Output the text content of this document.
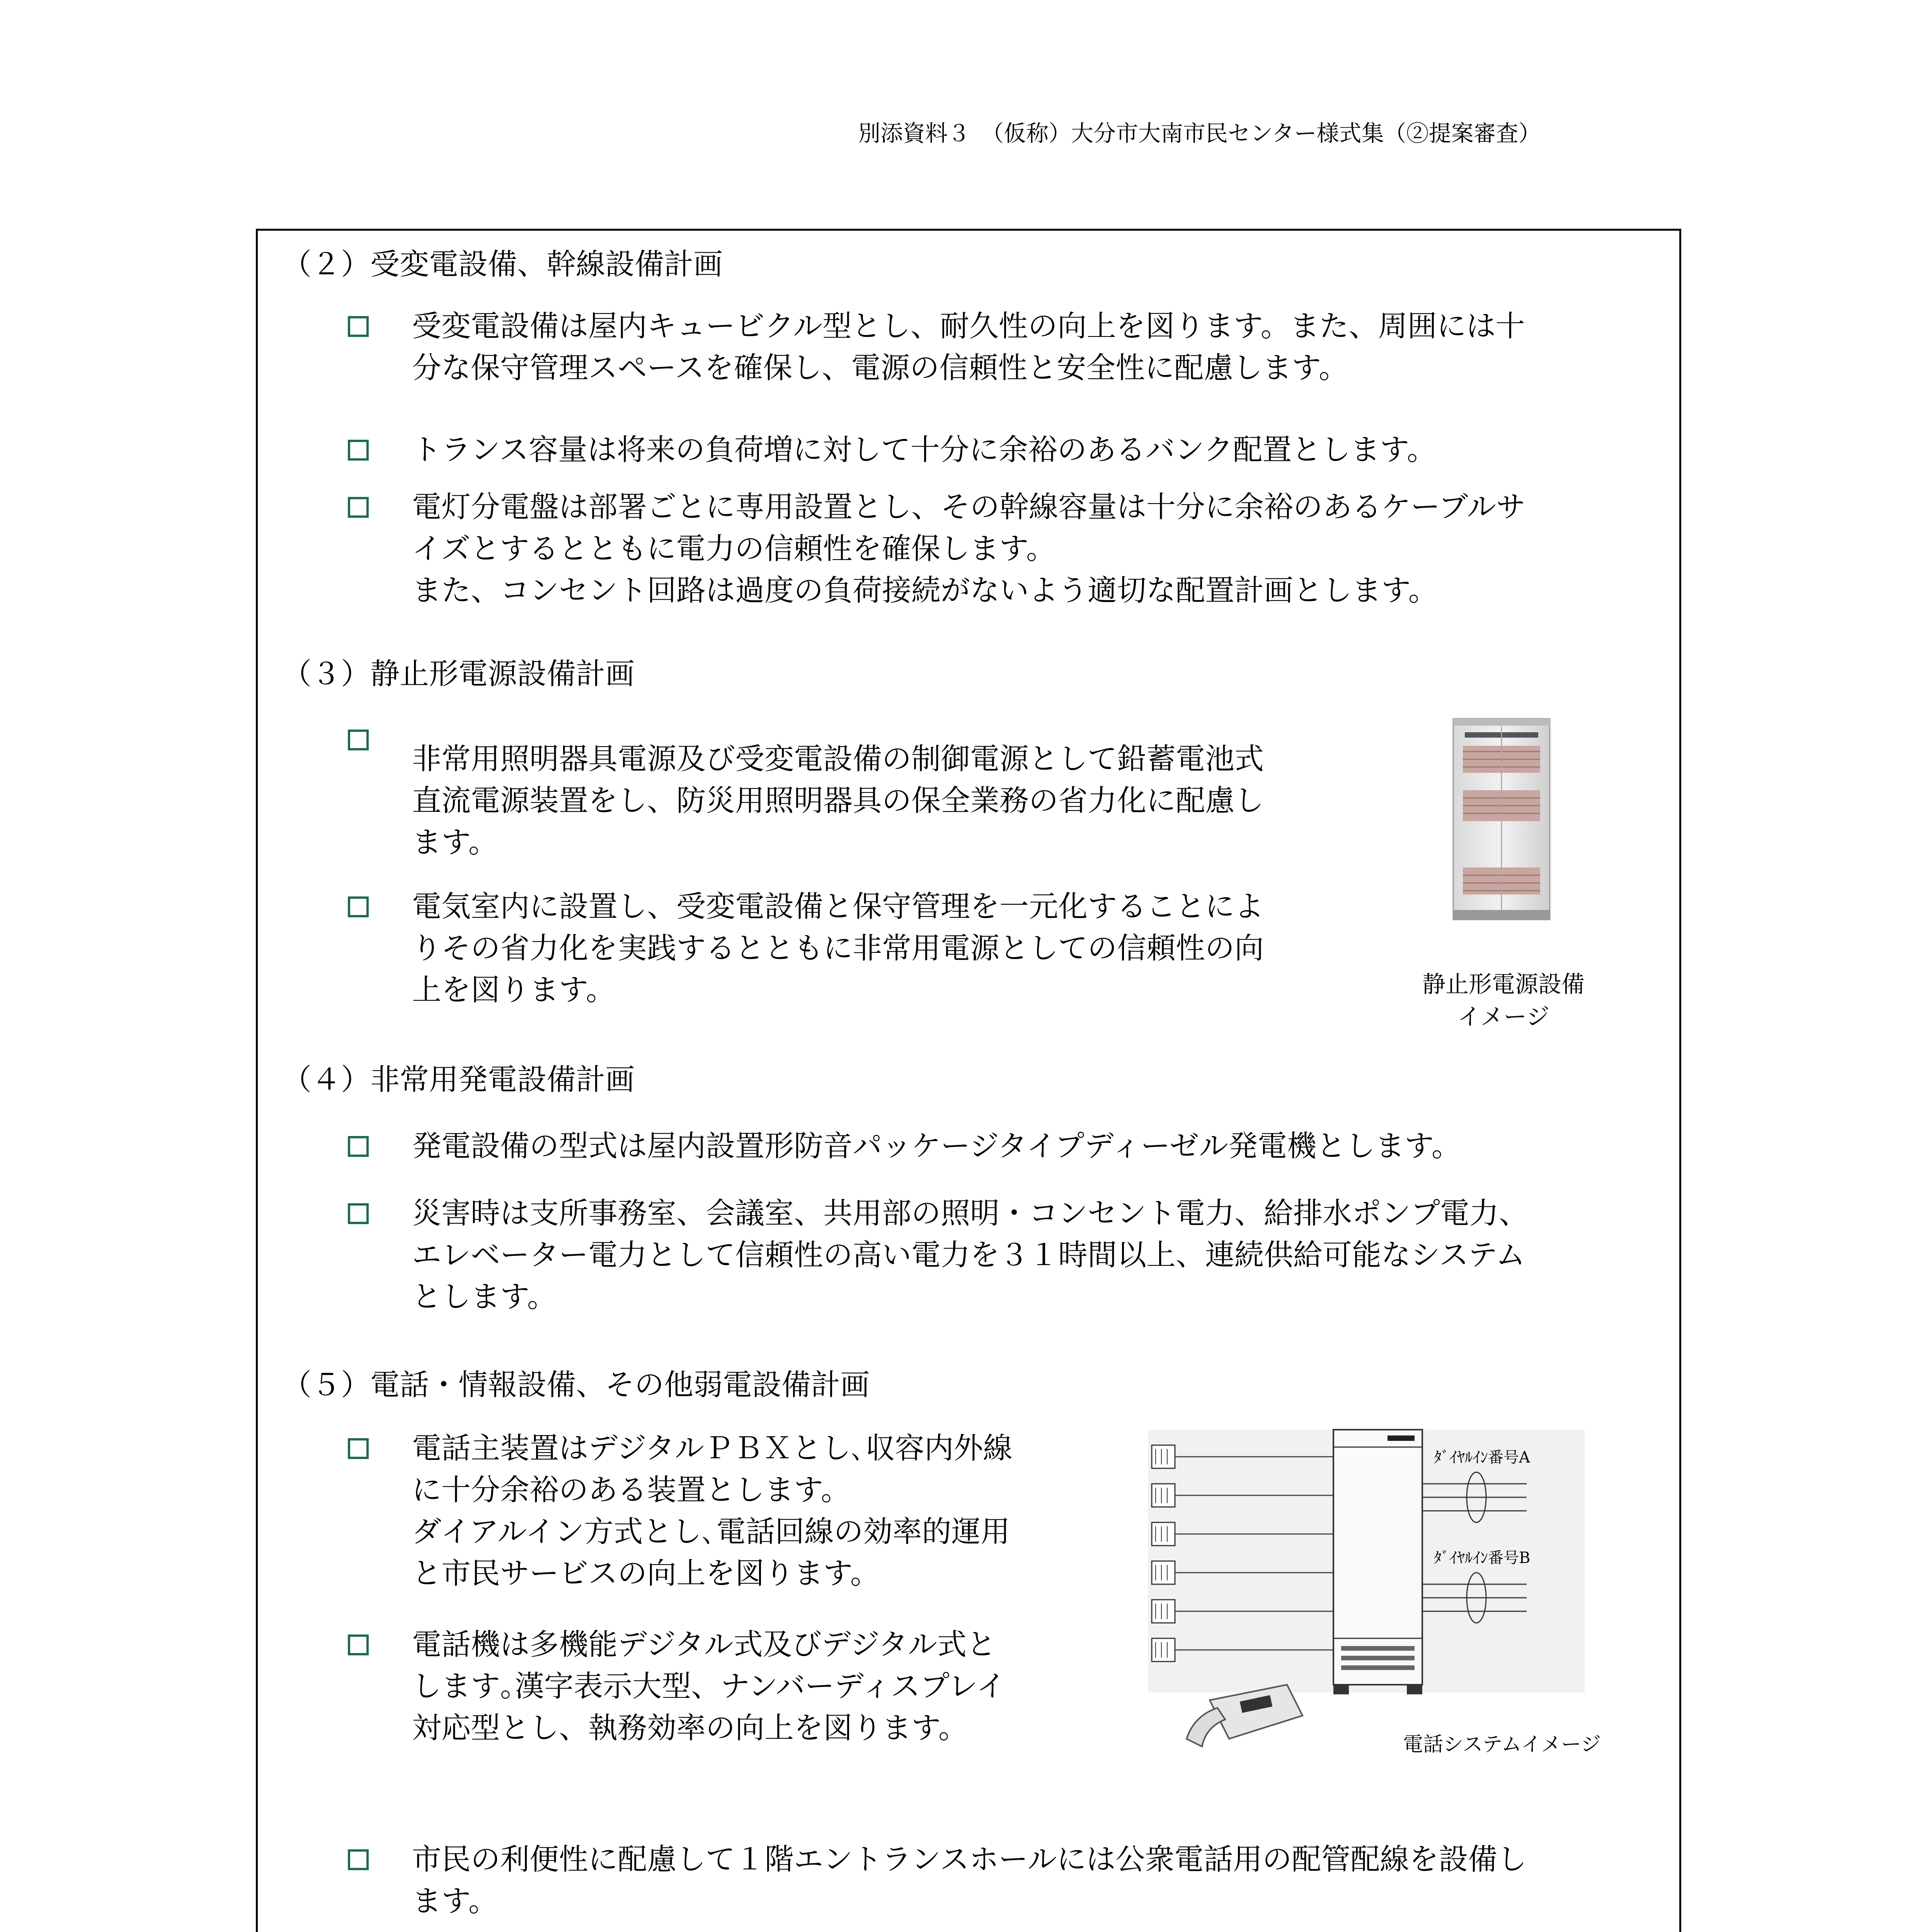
別添資料３　（仮称）大分市大南市民センター様式集（②提案審査）
（２）受変電設備、幹線設備計画
受変電設備は屋内キュービクル型とし、耐久性の向上を図ります。また、周囲には十
分な保守管理スペースを確保し、電源の信頼性と安全性に配慮します。
トランス容量は将来の負荷増に対して十分に余裕のあるバンク配置とします。
電灯分電盤は部署ごとに専用設置とし、その幹線容量は十分に余裕のあるケーブルサ
イズとするとともに電力の信頼性を確保します。
また、コンセント回路は過度の負荷接続がないよう適切な配置計画とします。
（３）静止形電源設備計画
非常用照明器具電源及び受変電設備の制御電源として鉛蓄電池式
直流電源装置をし、防災用照明器具の保全業務の省力化に配慮し
ます。
電気室内に設置し、受変電設備と保守管理を一元化することによ
りその省力化を実践するとともに非常用電源としての信頼性の向
上を図ります。	静止形電源設備
イメージ
（４）非常用発電設備計画
発電設備の型式は屋内設置形防音パッケージタイプディーゼル発電機とします。
災害時は支所事務室、会議室、共用部の照明・コンセント電力、給排水ポンプ電力、
エレベーター電力として信頼性の高い電力を３１時間以上、連続供給可能なシステム
とします。
（５）電話・情報設備、その他弱電設備計画
電話主装置はデジタルＰＢＸとし､収容内外線
に十分余裕のある装置とします。
ダイアルイン方式とし､電話回線の効率的運用
と市民サービスの向上を図ります。
電話機は多機能デジタル式及びデジタル式と
します｡漢字表示大型、ナンバーディスプレイ
対応型とし、執務効率の向上を図ります。
ﾀﾞｲﾔﾙｲﾝ番号A
ﾀﾞｲﾔﾙｲﾝ番号B
電話システムイメージ
市民の利便性に配慮して１階エントランスホールには公衆電話用の配管配線を設備し
ます。
